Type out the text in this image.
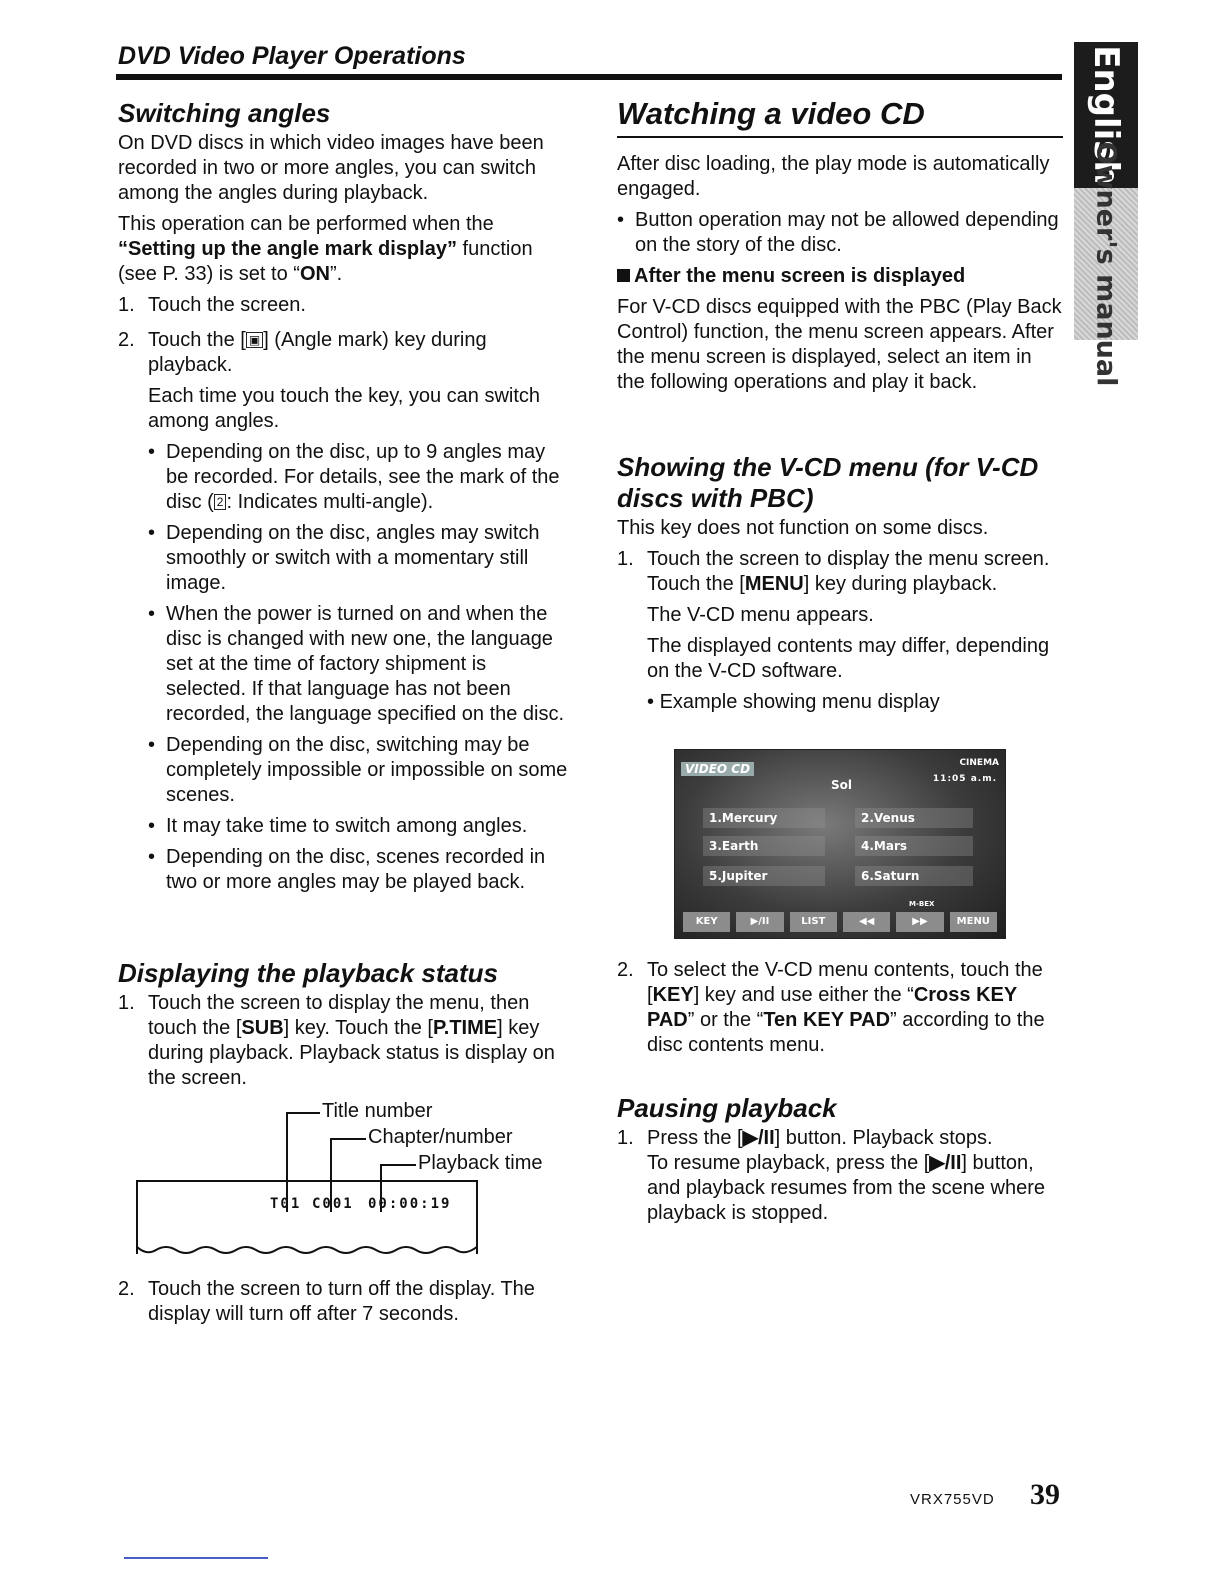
DVD Video Player Operations	English
Owner's manual
Switching angles

On DVD discs in which video images have been recorded in two or more angles, you can switch among the angles during playback.

This operation can be performed when the “Setting up the angle mark display” function (see P. 33) is set to “ON”.

1. Touch the screen.
2. Touch the [ ▣ ] (Angle mark) key during playback.
Each time you touch the key, you can switch among angles.
• Depending on the disc, up to 9 angles may be recorded. For details, see the mark of the disc ( 2 : Indicates multi-angle).
• Depending on the disc, angles may switch smoothly or switch with a momentary still image.
• When the power is turned on and when the disc is changed with new one, the language set at the time of factory shipment is selected. If that language has not been recorded, the language specified on the disc.
• Depending on the disc, switching may be completely impossible or impossible on some scenes.
• It may take time to switch among angles.
• Depending on the disc, scenes recorded in two or more angles may be played back.
Displaying the playback status
1. Touch the screen to display the menu, then touch the [SUB] key. Touch the [P.TIME] key during playback. Playback status is display on the screen.
Title number
Chapter/number
Playback time
T01 C001 00:00:19
2. Touch the screen to turn off the display. The display will turn off after 7 seconds.
Watching a video CD

After disc loading, the play mode is automatically engaged.

• Button operation may not be allowed depending on the story of the disc.

After the menu screen is displayed

For V-CD discs equipped with the PBC (Play Back Control) function, the menu screen appears. After the menu screen is displayed, select an item in the following operations and play it back.

Showing the V-CD menu (for V-CD discs with PBC)

This key does not function on some discs.

1. Touch the screen to display the menu screen. Touch the [MENU] key during playback.
The V-CD menu appears.
The displayed contents may differ, depending on the V-CD software.
• Example showing menu display
VIDEO CD	CINEMA
11:05 a.m.
Sol
1.Mercury	2.Venus
3.Earth	4.Mars
5.Jupiter	6.Saturn
M-BEX
KEY	▶/II	LIST	◀◀	▶▶	MENU
2. To select the V-CD menu contents, touch the [KEY] key and use either the “Cross KEY PAD” or the “Ten KEY PAD” according to the disc contents menu.
Pausing playback
1. Press the [▶/II] button. Playback stops.
To resume playback, press the [▶/II] button, and playback resumes from the scene where playback is stopped.
VRX755VD 39
